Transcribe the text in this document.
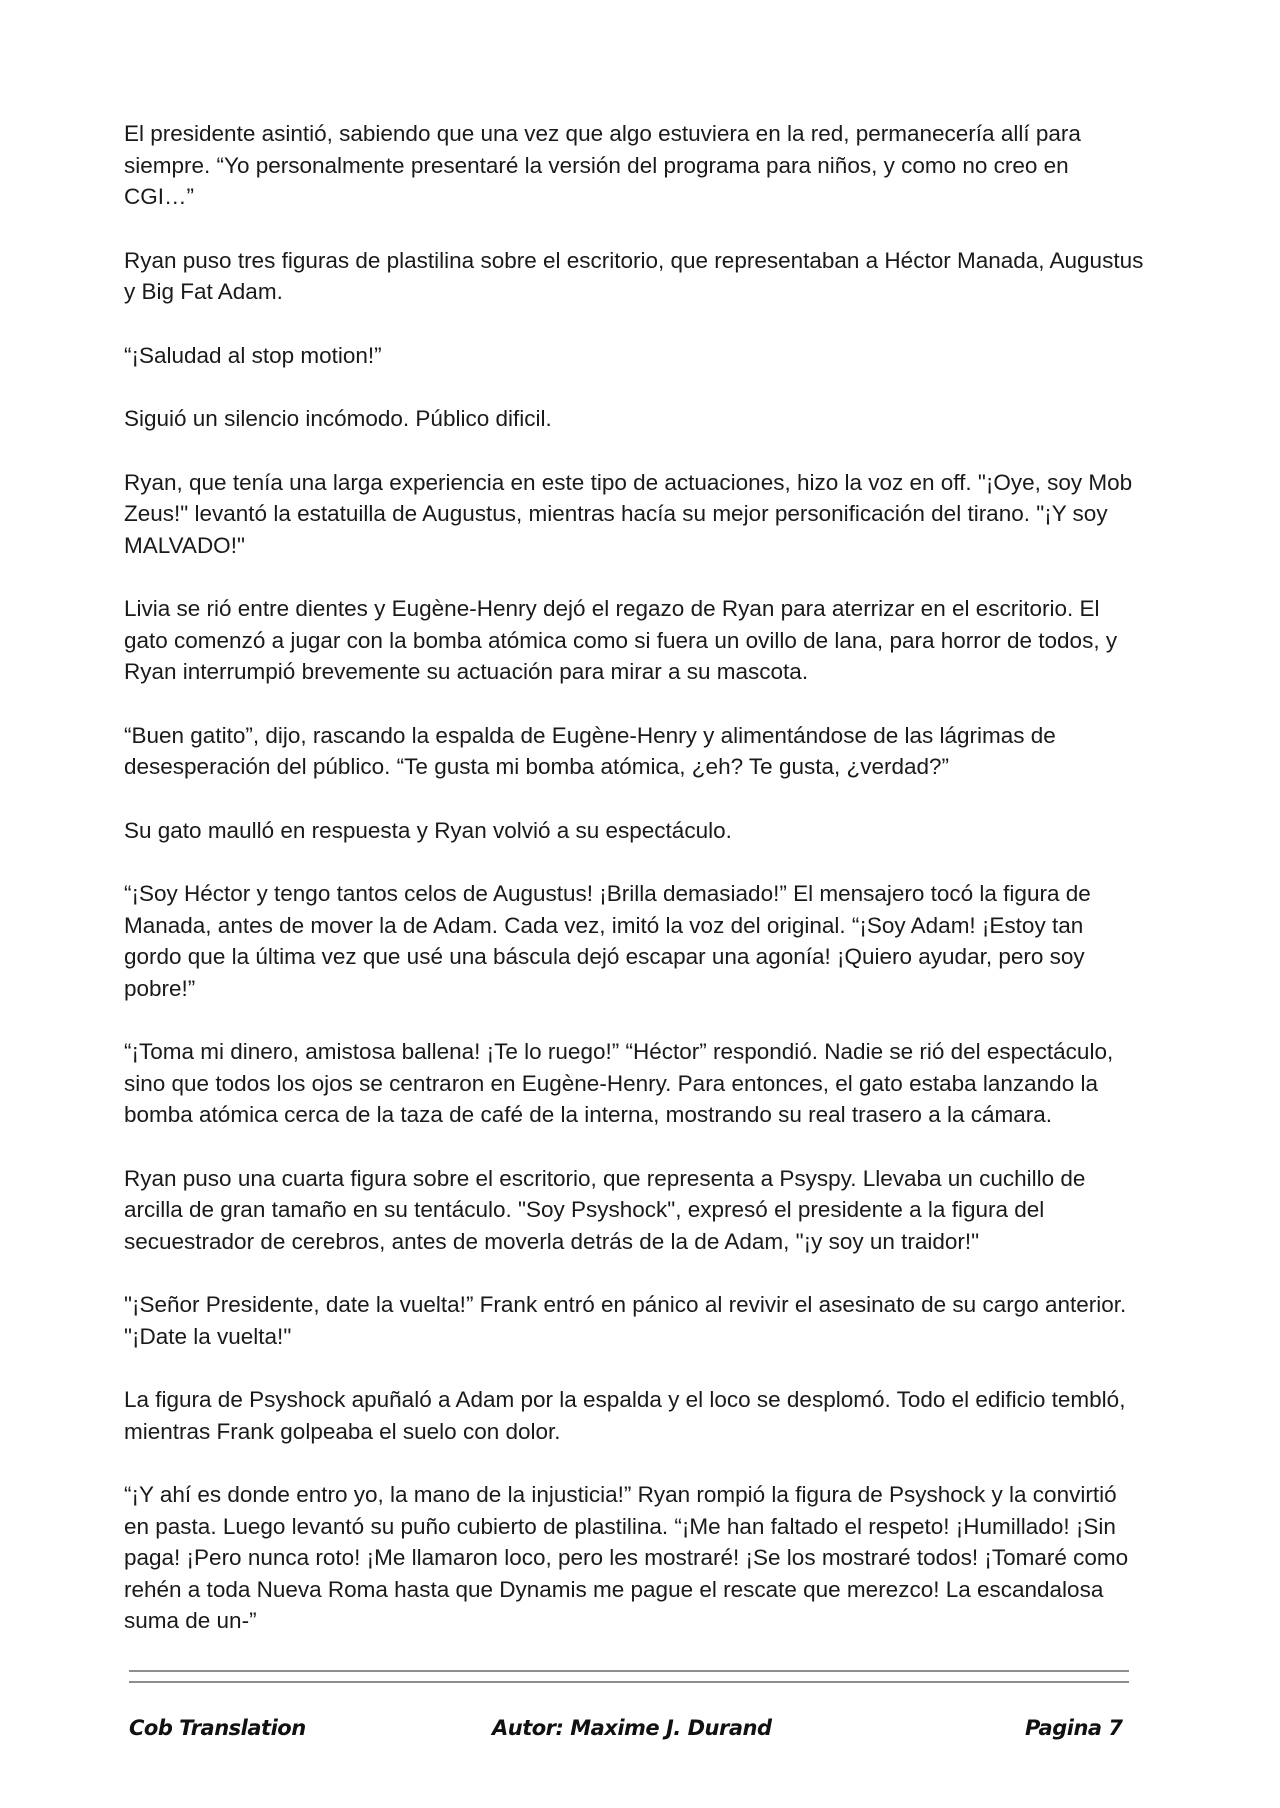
El presidente asintió, sabiendo que una vez que algo estuviera en la red, permanecería allí para siempre. “Yo personalmente presentaré la versión del programa para niños, y como no creo en CGI…”

Ryan puso tres figuras de plastilina sobre el escritorio, que representaban a Héctor Manada, Augustus y Big Fat Adam.

“¡Saludad al stop motion!”

Siguió un silencio incómodo. Público dificil.

Ryan, que tenía una larga experiencia en este tipo de actuaciones, hizo la voz en off. "¡Oye, soy Mob Zeus!" levantó la estatuilla de Augustus, mientras hacía su mejor personificación del tirano. "¡Y soy MALVADO!"

Livia se rió entre dientes y Eugène-Henry dejó el regazo de Ryan para aterrizar en el escritorio. El gato comenzó a jugar con la bomba atómica como si fuera un ovillo de lana, para horror de todos, y Ryan interrumpió brevemente su actuación para mirar a su mascota.

“Buen gatito”, dijo, rascando la espalda de Eugène-Henry y alimentándose de las lágrimas de desesperación del público. “Te gusta mi bomba atómica, ¿eh? Te gusta, ¿verdad?”

Su gato maulló en respuesta y Ryan volvió a su espectáculo.

“¡Soy Héctor y tengo tantos celos de Augustus! ¡Brilla demasiado!” El mensajero tocó la figura de Manada, antes de mover la de Adam. Cada vez, imitó la voz del original. “¡Soy Adam! ¡Estoy tan gordo que la última vez que usé una báscula dejó escapar una agonía! ¡Quiero ayudar, pero soy pobre!”

“¡Toma mi dinero, amistosa ballena! ¡Te lo ruego!” “Héctor” respondió. Nadie se rió del espectáculo, sino que todos los ojos se centraron en Eugène-Henry. Para entonces, el gato estaba lanzando la bomba atómica cerca de la taza de café de la interna, mostrando su real trasero a la cámara.

Ryan puso una cuarta figura sobre el escritorio, que representa a Psyspy. Llevaba un cuchillo de arcilla de gran tamaño en su tentáculo. "Soy Psyshock", expresó el presidente a la figura del secuestrador de cerebros, antes de moverla detrás de la de Adam, "¡y soy un traidor!"

"¡Señor Presidente, date la vuelta!” Frank entró en pánico al revivir el asesinato de su cargo anterior. "¡Date la vuelta!"

La figura de Psyshock apuñaló a Adam por la espalda y el loco se desplomó. Todo el edificio tembló, mientras Frank golpeaba el suelo con dolor.

“¡Y ahí es donde entro yo, la mano de la injusticia!” Ryan rompió la figura de Psyshock y la convirtió en pasta. Luego levantó su puño cubierto de plastilina. “¡Me han faltado el respeto! ¡Humillado! ¡Sin paga! ¡Pero nunca roto! ¡Me llamaron loco, pero les mostraré! ¡Se los mostraré todos! ¡Tomaré como rehén a toda Nueva Roma hasta que Dynamis me pague el rescate que merezco! La escandalosa suma de un-”

Cob Translation	Autor: Maxime J. Durand	Pagina 7
